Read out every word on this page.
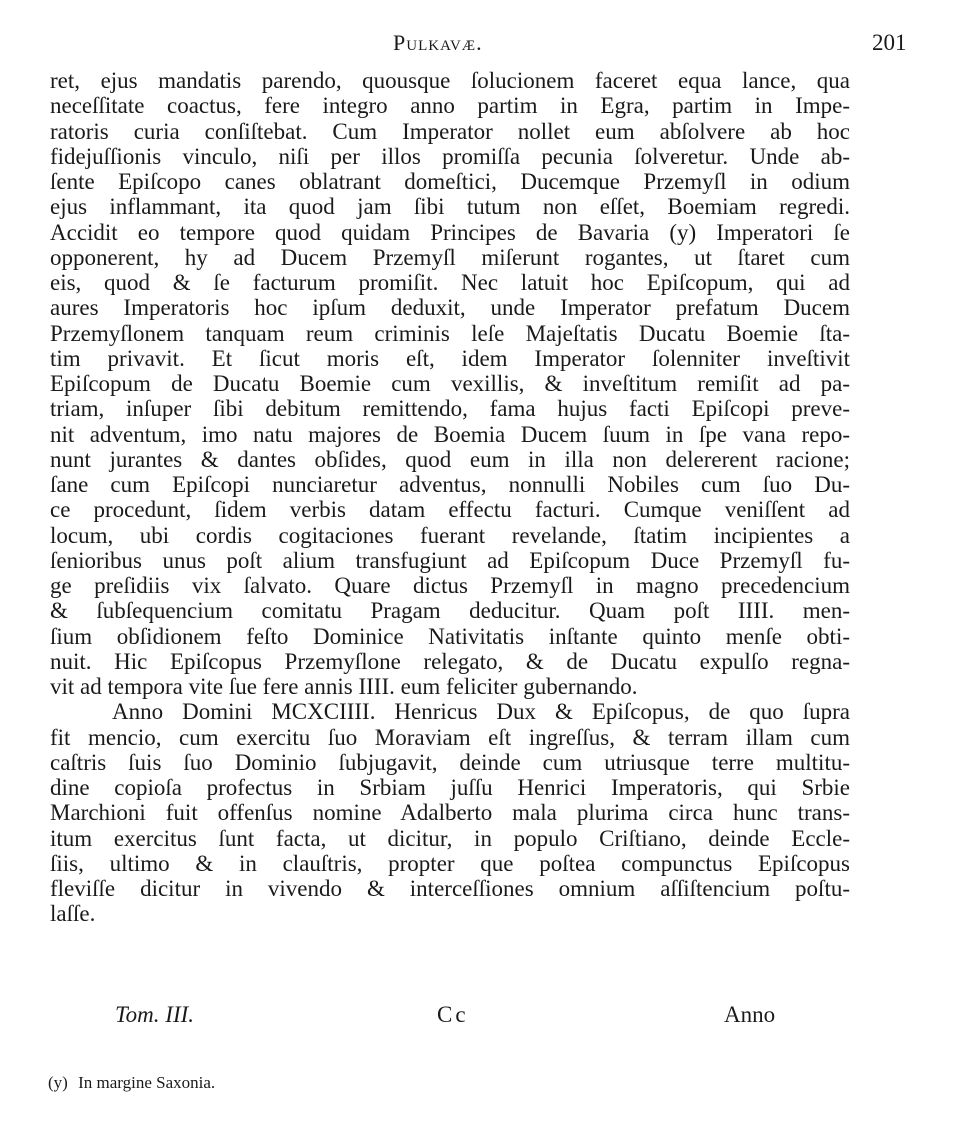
Pulkavæ.	201
ret, ejus mandatis parendo, quousque ſolucionem faceret equa lance, qua
neceſſitate coactus, fere integro anno partim in Egra, partim in Impe-
ratoris curia conſiſtebat. Cum Imperator nollet eum abſolvere ab hoc
fidejuſſionis vinculo, niſi per illos promiſſa pecunia ſolveretur. Unde ab-
ſente Epiſcopo canes oblatrant domeſtici, Ducemque Przemyſl in odium
ejus inflammant, ita quod jam ſibi tutum non eſſet, Boemiam regredi.
Accidit eo tempore quod quidam Principes de Bavaria (y) Imperatori ſe
opponerent, hy ad Ducem Przemyſl miſerunt rogantes, ut ſtaret cum
eis, quod & ſe facturum promiſit. Nec latuit hoc Epiſcopum, qui ad
aures Imperatoris hoc ipſum deduxit, unde Imperator prefatum Ducem
Przemyſlonem tanquam reum criminis leſe Majeſtatis Ducatu Boemie ſta-
tim privavit. Et ſicut moris eſt, idem Imperator ſolenniter inveſtivit
Epiſcopum de Ducatu Boemie cum vexillis, & inveſtitum remiſit ad pa-
triam, inſuper ſibi debitum remittendo, fama hujus facti Epiſcopi preve-
nit adventum, imo natu majores de Boemia Ducem ſuum in ſpe vana repo-
nunt jurantes & dantes obſides, quod eum in illa non delererent racione;
ſane cum Epiſcopi nunciaretur adventus, nonnulli Nobiles cum ſuo Du-
ce procedunt, ſidem verbis datam effectu facturi. Cumque veniſſent ad
locum, ubi cordis cogitaciones fuerant revelande, ſtatim incipientes a
ſenioribus unus poſt alium transfugiunt ad Epiſcopum Duce Przemyſl fu-
ge preſidiis vix ſalvato. Quare dictus Przemyſl in magno precedencium
& ſubſequencium comitatu Pragam deducitur. Quam poſt IIII. men-
ſium obſidionem feſto Dominice Nativitatis inſtante quinto menſe obti-
nuit. Hic Epiſcopus Przemyſlone relegato, & de Ducatu expulſo regna-
vit ad tempora vite ſue fere annis IIII. eum feliciter gubernando.
Anno Domini MCXCIIII. Henricus Dux & Epiſcopus, de quo ſupra
fit mencio, cum exercitu ſuo Moraviam eſt ingreſſus, & terram illam cum
caſtris ſuis ſuo Dominio ſubjugavit, deinde cum utriusque terre multitu-
dine copioſa profectus in Srbiam juſſu Henrici Imperatoris, qui Srbie
Marchioni fuit offenſus nomine Adalberto mala plurima circa hunc trans-
itum exercitus ſunt facta, ut dicitur, in populo Criſtiano, deinde Eccle-
ſiis, ultimo & in clauſtris, propter que poſtea compunctus Epiſcopus
fleviſſe dicitur in vivendo & interceſſiones omnium aſſiſtencium poſtu-
laſſe.
Tom. III.	Cc	Anno
(y) In margine Saxonia.
